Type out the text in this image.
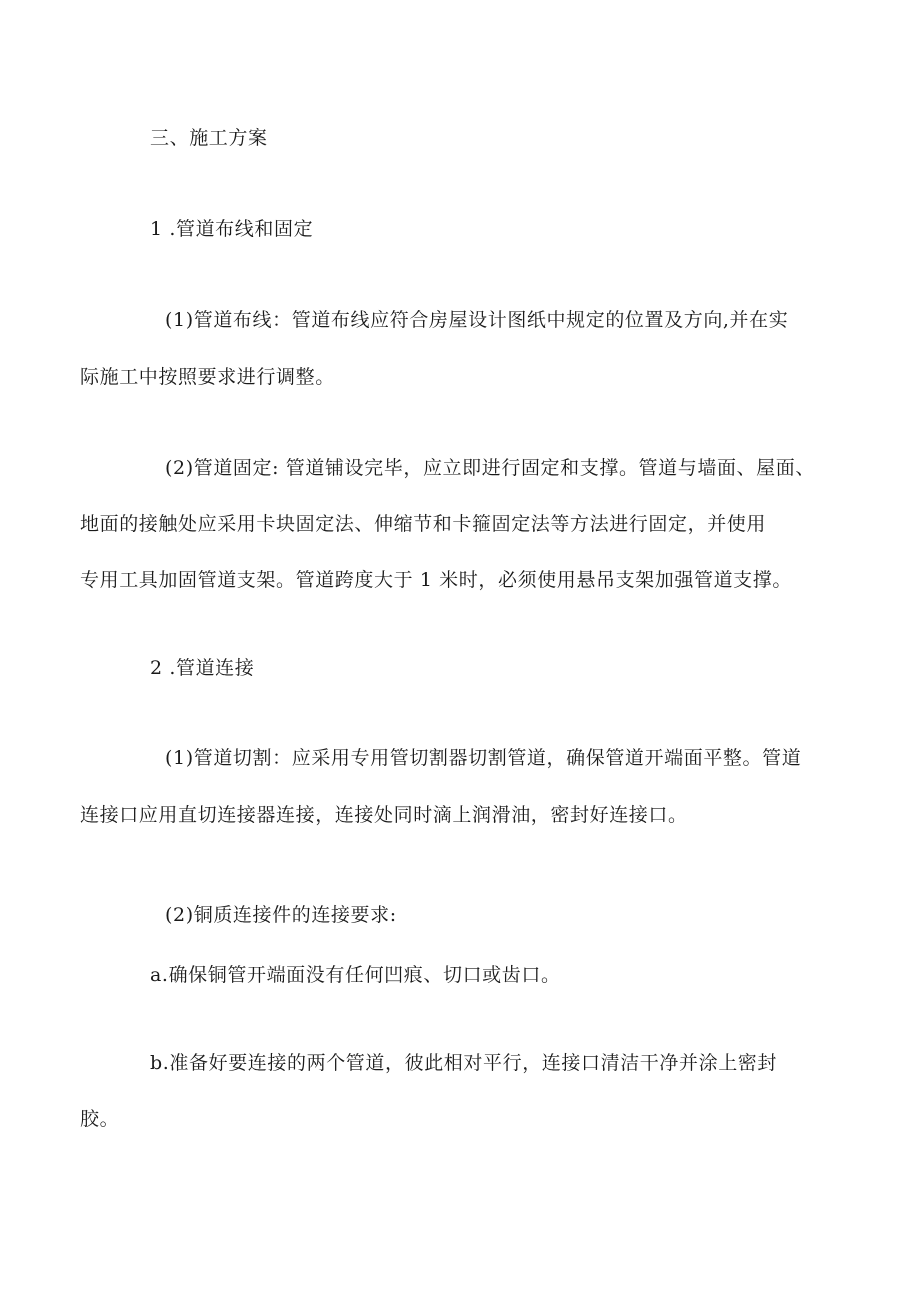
三、施工方案
1 .管道布线和固定
(1)管道布线：管道布线应符合房屋设计图纸中规定的位置及方向,并在实
际施工中按照要求进行调整。
(2)管道固定: 管道铺设完毕，应立即进行固定和支撑。管道与墙面、屋面、
地面的接触处应采用卡块固定法、伸缩节和卡箍固定法等方法进行固定，并使用
专用工具加固管道支架。管道跨度大于 1 米时，必须使用悬吊支架加强管道支撑。
2 .管道连接
(1)管道切割：应采用专用管切割器切割管道，确保管道开端面平整。管道
连接口应用直切连接器连接，连接处同时滴上润滑油，密封好连接口。
(2)铜质连接件的连接要求:
a.确保铜管开端面没有任何凹痕、切口或齿口。
b.准备好要连接的两个管道，彼此相对平行，连接口清洁干净并涂上密封
胶。
